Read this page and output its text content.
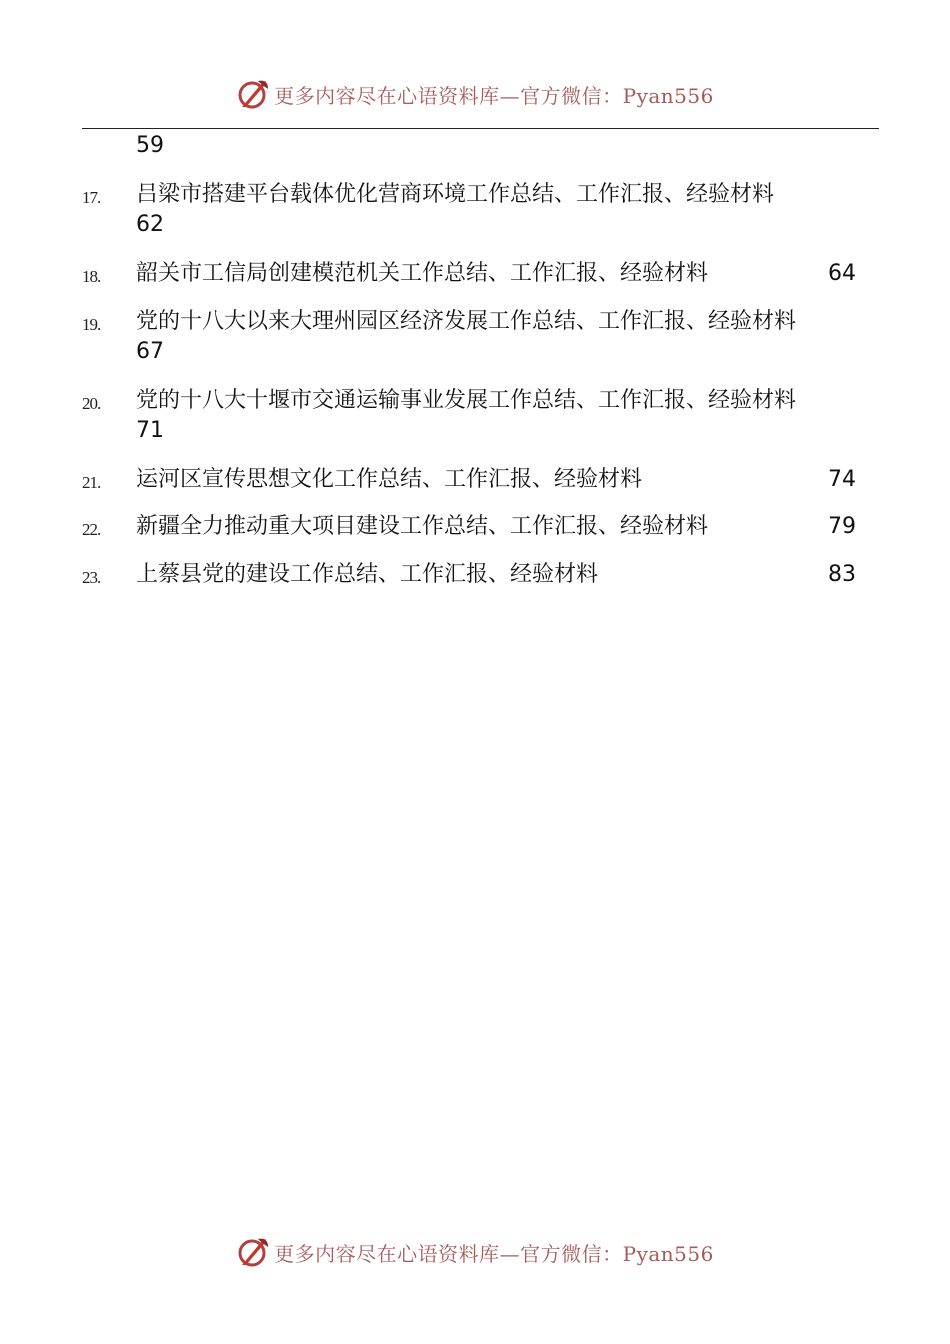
更多内容尽在心语资料库—官方微信：Pyan556
59
17. 吕梁市搭建平台载体优化营商环境工作总结、工作汇报、经验材料
62
18. 韶关市工信局创建模范机关工作总结、工作汇报、经验材料	64
19. 党的十八大以来大理州园区经济发展工作总结、工作汇报、经验材料
67
20. 党的十八大十堰市交通运输事业发展工作总结、工作汇报、经验材料
71
21. 运河区宣传思想文化工作总结、工作汇报、经验材料	74
22. 新疆全力推动重大项目建设工作总结、工作汇报、经验材料	79
23. 上蔡县党的建设工作总结、工作汇报、经验材料	83
更多内容尽在心语资料库—官方微信：Pyan556
